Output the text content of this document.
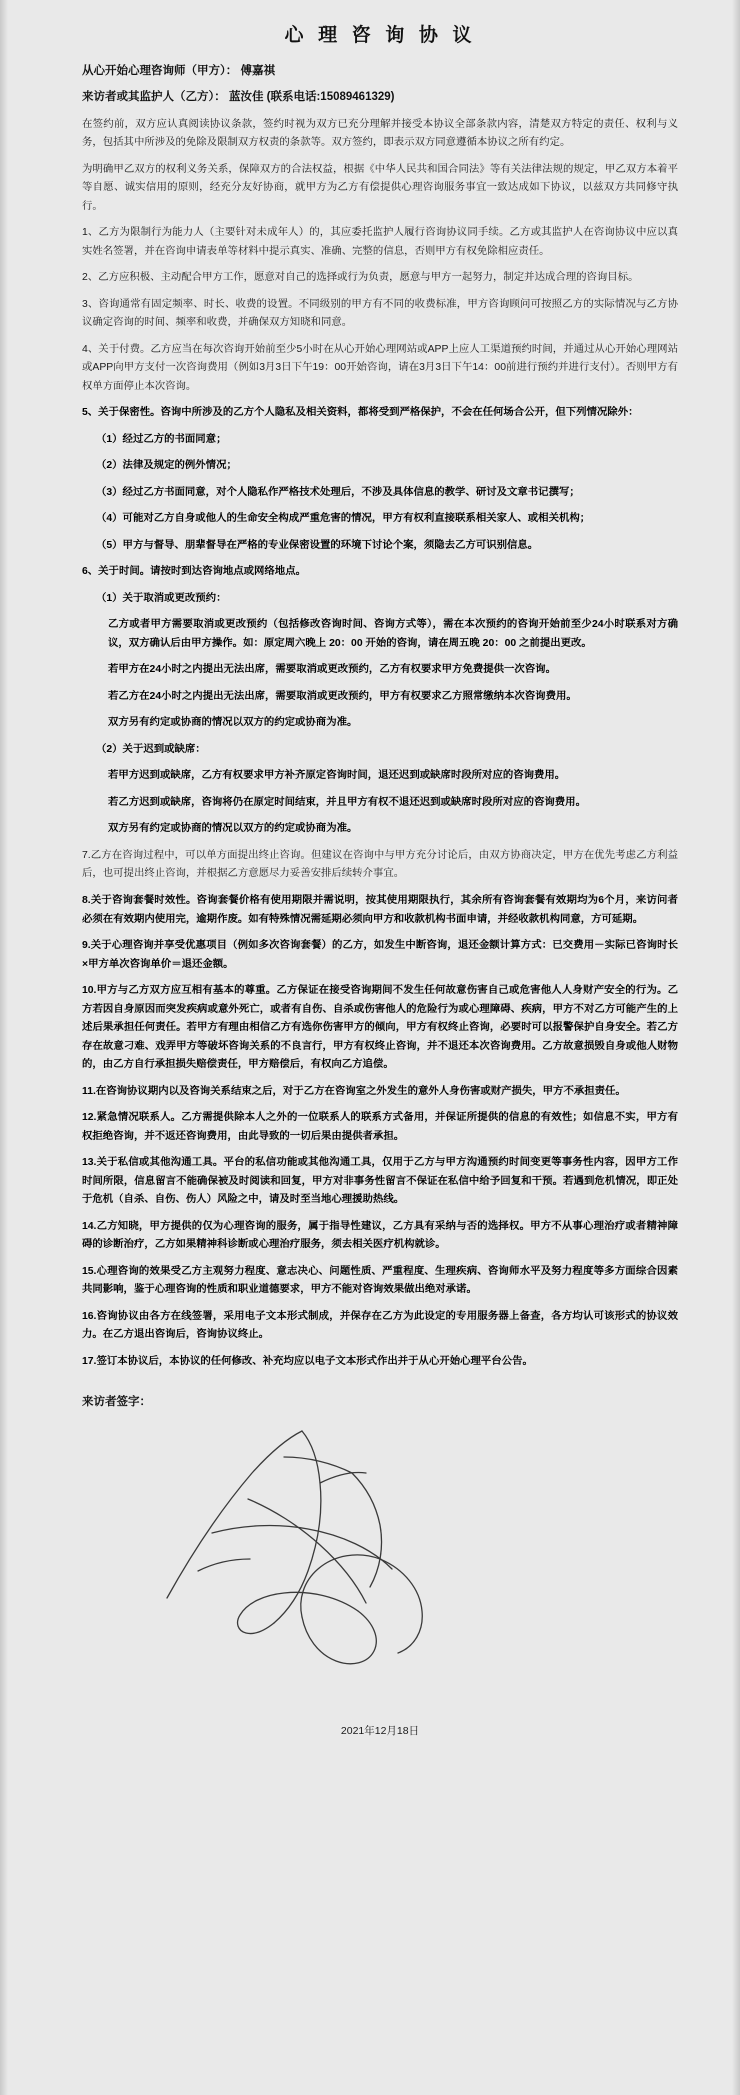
心 理 咨 询 协 议
从心开始心理咨询师（甲方）： 傅嘉祺
来访者或其监护人（乙方）： 蓝汝佳 (联系电话:15089461329)

在签约前，双方应认真阅读协议条款，签约时视为双方已充分理解并接受本协议全部条款内容，清楚双方特定的责任、权利与义务，包括其中所涉及的免除及限制双方权责的条款等。双方签约，即表示双方同意遵循本协议之所有约定。

为明确甲乙双方的权利义务关系，保障双方的合法权益，根据《中华人民共和国合同法》等有关法律法规的规定，甲乙双方本着平等自愿、诚实信用的原则，经充分友好协商，就甲方为乙方有偿提供心理咨询服务事宜一致达成如下协议，以兹双方共同修守执行。

1、乙方为限制行为能力人（主要针对未成年人）的，其应委托监护人履行咨询协议同手续。乙方或其监护人在咨询协议中应以真实姓名签署，并在咨询申请表单等材料中提示真实、准确、完整的信息，否则甲方有权免除相应责任。

2、乙方应积极、主动配合甲方工作，愿意对自己的选择或行为负责，愿意与甲方一起努力，制定并达成合理的咨询目标。

3、咨询通常有固定频率、时长、收费的设置。不同级别的甲方有不同的收费标准，甲方咨询顾问可按照乙方的实际情况与乙方协议确定咨询的时间、频率和收费，并确保双方知晓和同意。

4、关于付费。乙方应当在每次咨询开始前至少5小时在从心开始心理网站或APP上应人工渠道预约时间，并通过从心开始心理网站或APP向甲方支付一次咨询费用（例如3月3日下午19：00开始咨询，请在3月3日下午14：00前进行预约并进行支付）。否则甲方有权单方面停止本次咨询。

5、关于保密性。咨询中所涉及的乙方个人隐私及相关资料，都将受到严格保护，不会在任何场合公开，但下列情况除外：

（1）经过乙方的书面同意；

（2）法律及规定的例外情况；

（3）经过乙方书面同意，对个人隐私作严格技术处理后，不涉及具体信息的教学、研讨及文章书记撰写；

（4）可能对乙方自身或他人的生命安全构成严重危害的情况，甲方有权利直接联系相关家人、或相关机构；

（5）甲方与督导、朋辈督导在严格的专业保密设置的环境下讨论个案，须隐去乙方可识别信息。

6、关于时间。请按时到达咨询地点或网络地点。

（1）关于取消或更改预约：

乙方或者甲方需要取消或更改预约（包括修改咨询时间、咨询方式等），需在本次预约的咨询开始前至少24小时联系对方确议，双方确认后由甲方操作。如：原定周六晚上 20：00 开始的咨询，请在周五晚 20：00 之前提出更改。

若甲方在24小时之内提出无法出席，需要取消或更改预约，乙方有权要求甲方免费提供一次咨询。

若乙方在24小时之内提出无法出席，需要取消或更改预约，甲方有权要求乙方照常缴纳本次咨询费用。

双方另有约定或协商的情况以双方的约定或协商为准。

（2）关于迟到或缺席：

若甲方迟到或缺席，乙方有权要求甲方补齐原定咨询时间，退还迟到或缺席时段所对应的咨询费用。

若乙方迟到或缺席，咨询将仍在原定时间结束，并且甲方有权不退还迟到或缺席时段所对应的咨询费用。

双方另有约定或协商的情况以双方的约定或协商为准。

7.乙方在咨询过程中，可以单方面提出终止咨询。但建议在咨询中与甲方充分讨论后，由双方协商决定，甲方在优先考虑乙方利益后，也可提出终止咨询，并根据乙方意愿尽力妥善安排后续转介事宜。

8.关于咨询套餐时效性。咨询套餐价格有使用期限并需说明，按其使用期限执行，其余所有咨询套餐有效期均为6个月，来访问者必须在有效期内使用完，逾期作废。如有特殊情况需延期必须向甲方和收款机构书面申请，并经收款机构同意，方可延期。

9.关于心理咨询并享受优惠项目（例如多次咨询套餐）的乙方，如发生中断咨询，退还金额计算方式：已交费用－实际已咨询时长×甲方单次咨询单价＝退还金额。

10.甲方与乙方双方应互相有基本的尊重。乙方保证在接受咨询期间不发生任何故意伤害自己或危害他人人身财产安全的行为。乙方若因自身原因而突发疾病或意外死亡，或者有自伤、自杀或伤害他人的危险行为或心理障碍、疾病，甲方不对乙方可能产生的上述后果承担任何责任。若甲方有理由相信乙方有选你伤害甲方的倾向，甲方有权终止咨询，必要时可以报警保护自身安全。若乙方存在故意刁难、戏弄甲方等破坏咨询关系的不良言行，甲方有权终止咨询，并不退还本次咨询费用。乙方故意损毁自身或他人财物的，由乙方自行承担损失赔偿责任，甲方赔偿后，有权向乙方追偿。

11.在咨询协议期内以及咨询关系结束之后，对于乙方在咨询室之外发生的意外人身伤害或财产损失，甲方不承担责任。

12.紧急情况联系人。乙方需提供除本人之外的一位联系人的联系方式备用，并保证所提供的信息的有效性；如信息不实，甲方有权拒绝咨询，并不返还咨询费用，由此导致的一切后果由提供者承担。

13.关于私信或其他沟通工具。平台的私信功能或其他沟通工具，仅用于乙方与甲方沟通预约时间变更等事务性内容，因甲方工作时间所限，信息留言不能确保被及时阅读和回复，甲方对非事务性留言不保证在私信中给予回复和干预。若遇到危机情况，即正处于危机（自杀、自伤、伤人）风险之中，请及时至当地心理援助热线。

14.乙方知晓，甲方提供的仅为心理咨询的服务，属于指导性建议，乙方具有采纳与否的选择权。甲方不从事心理治疗或者精神障碍的诊断治疗，乙方如果精神科诊断或心理治疗服务，须去相关医疗机构就诊。

15.心理咨询的效果受乙方主观努力程度、意志决心、问题性质、严重程度、生理疾病、咨询师水平及努力程度等多方面综合因素共同影响，鉴于心理咨询的性质和职业道德要求，甲方不能对咨询效果做出绝对承诺。

16.咨询协议由各方在线签署，采用电子文本形式制成，并保存在乙方为此设定的专用服务器上备查，各方均认可该形式的协议效力。在乙方退出咨询后，咨询协议终止。

17.签订本协议后，本协议的任何修改、补充均应以电子文本形式作出并于从心开始心理平台公告。

来访者签字：
2021年12月18日
